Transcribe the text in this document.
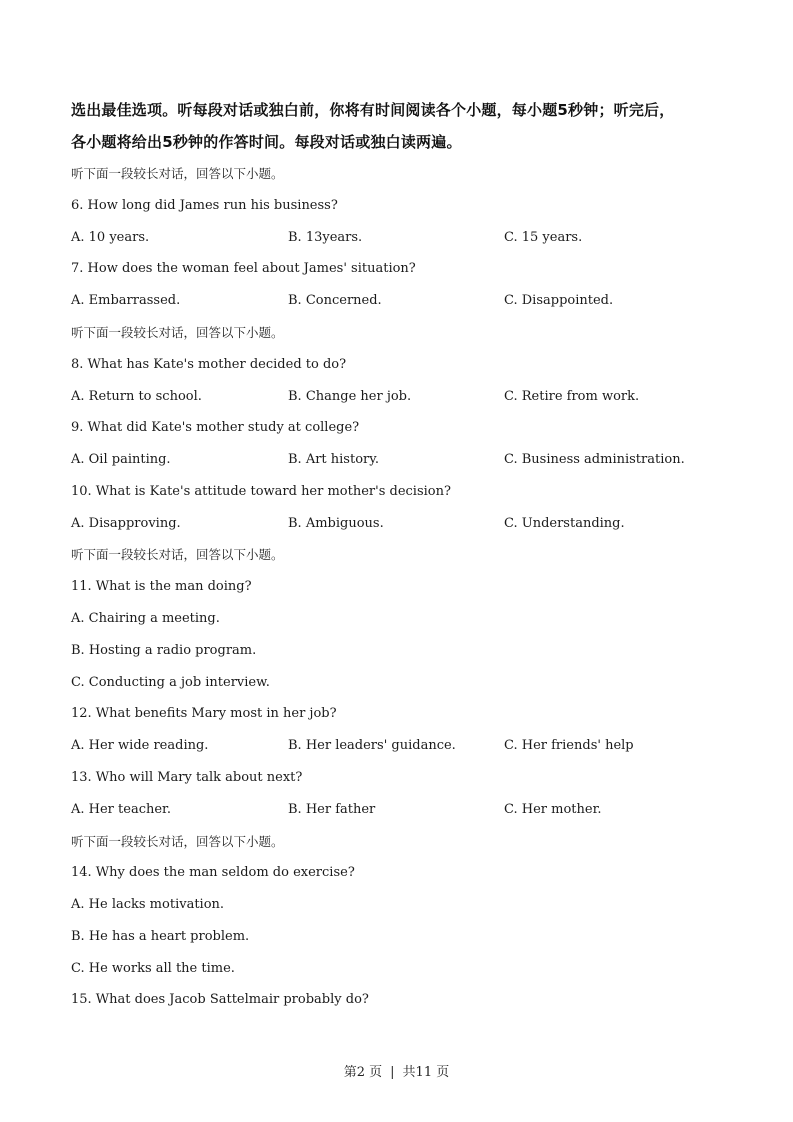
选出最佳选项。听每段对话或独白前，你将有时间阅读各个小题，每小题5秒钟；听完后，
各小题将给出5秒钟的作答时间。每段对话或独白读两遍。
听下面一段较长对话，回答以下小题。
6. How long did James run his business?
A. 10 years.	B. 13years.	C. 15 years.
7. How does the woman feel about James' situation?
A. Embarrassed.	B. Concerned.	C. Disappointed.
听下面一段较长对话，回答以下小题。
8. What has Kate's mother decided to do?
A. Return to school.	B. Change her job.	C. Retire from work.
9. What did Kate's mother study at college?
A. Oil painting.	B. Art history.	C. Business administration.
10. What is Kate's attitude toward her mother's decision?
A. Disapproving.	B. Ambiguous.	C. Understanding.
听下面一段较长对话，回答以下小题。
11. What is the man doing?
A. Chairing a meeting.
B. Hosting a radio program.
C. Conducting a job interview.
12. What benefits Mary most in her job?
A. Her wide reading.	B. Her leaders' guidance.	C. Her friends' help
13. Who will Mary talk about next?
A. Her teacher.	B. Her father	C. Her mother.
听下面一段较长对话，回答以下小题。
14. Why does the man seldom do exercise?
A. He lacks motivation.
B. He has a heart problem.
C. He works all the time.
15. What does Jacob Sattelmair probably do?
第2 页 | 共11 页
